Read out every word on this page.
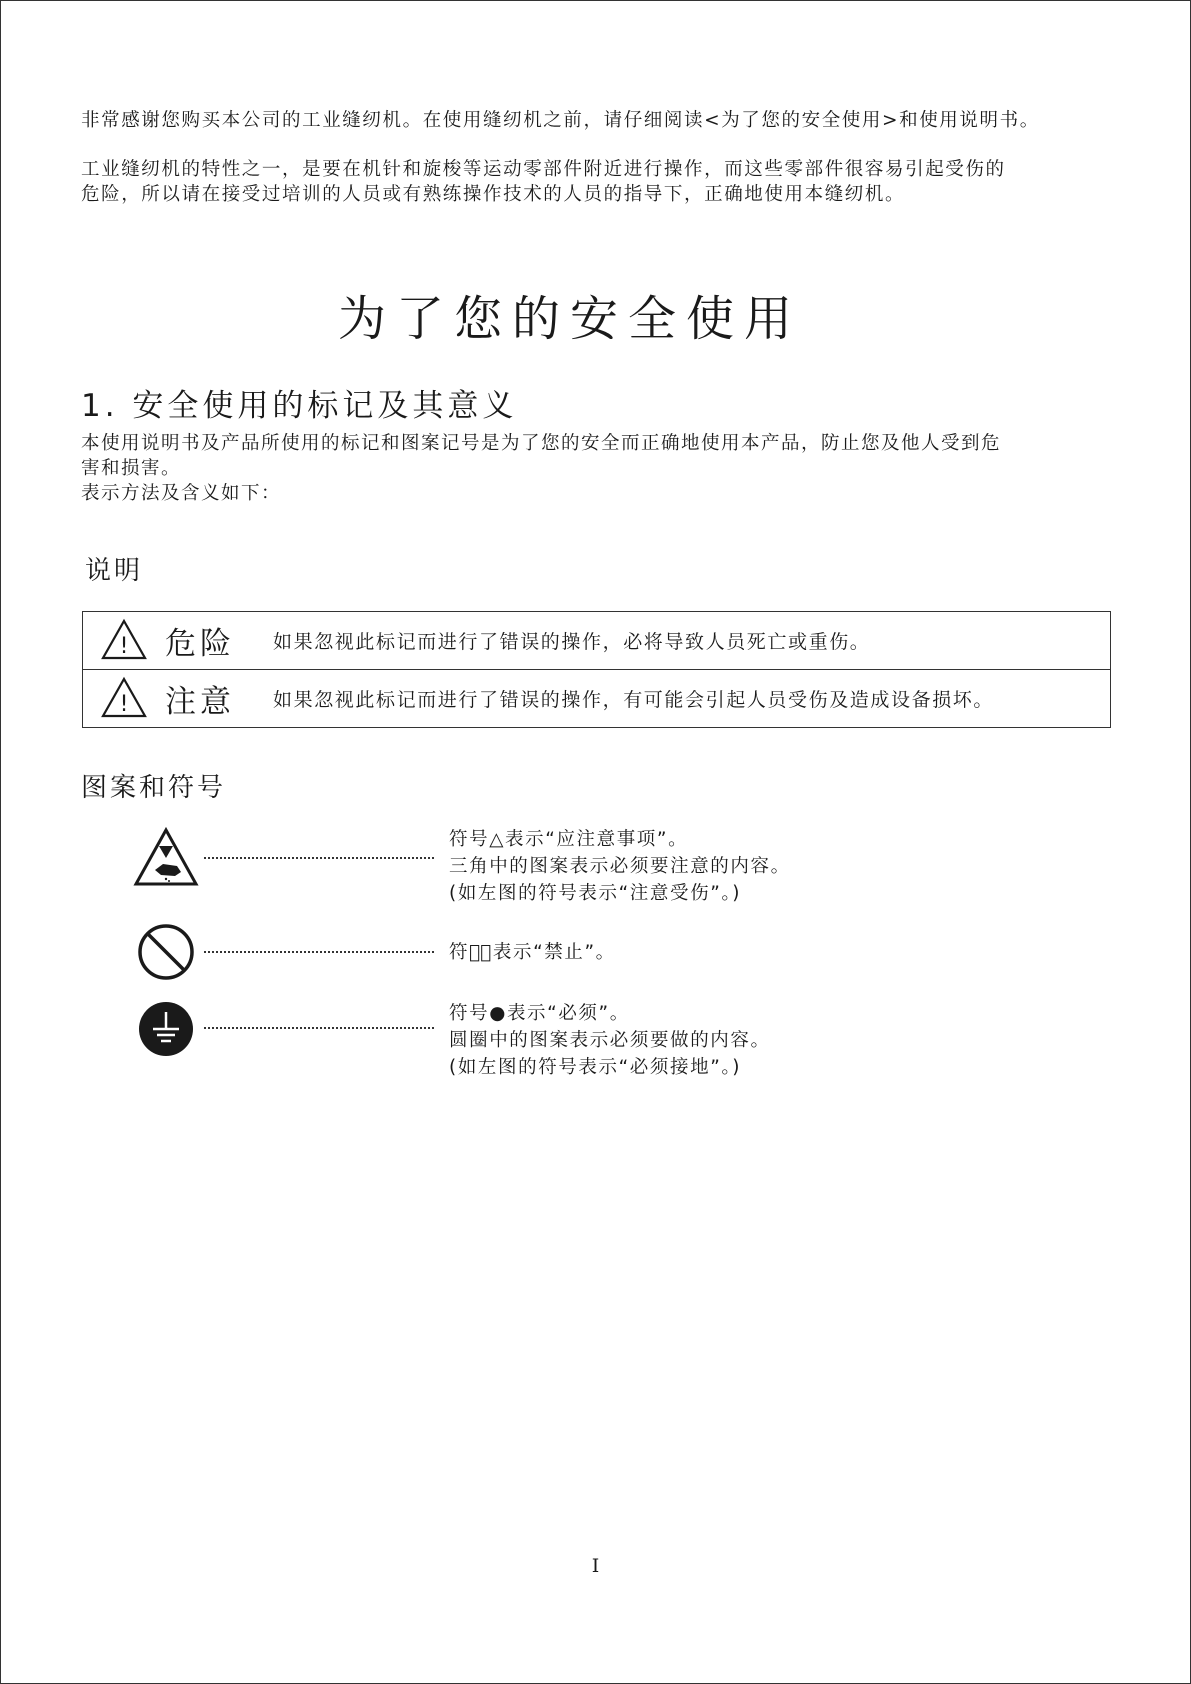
非常感谢您购买本公司的工业缝纫机。在使用缝纫机之前，请仔细阅读<为了您的安全使用>和使用说明书。
工业缝纫机的特性之一，是要在机针和旋梭等运动零部件附近进行操作，而这些零部件很容易引起受伤的
危险，所以请在接受过培训的人员或有熟练操作技术的人员的指导下，正确地使用本缝纫机。
为了您的安全使用
1. 安全使用的标记及其意义
本使用说明书及产品所使用的标记和图案记号是为了您的安全而正确地使用本产品，防止您及他人受到危
害和损害。
表示方法及含义如下：
说明
! 危险	如果忽视此标记而进行了错误的操作，必将导致人员死亡或重伤。

! 注意	如果忽视此标记而进行了错误的操作，有可能会引起人员受伤及造成设备损坏。
图案和符号
符号△表示“应注意事项”。
三角中的图案表示必须要注意的内容。
(如左图的符号表示“注意受伤”。)
符号⃠表示“禁止”。
符号●表示“必须”。
圆圈中的图案表示必须要做的内容。
(如左图的符号表示“必须接地”。)
I
